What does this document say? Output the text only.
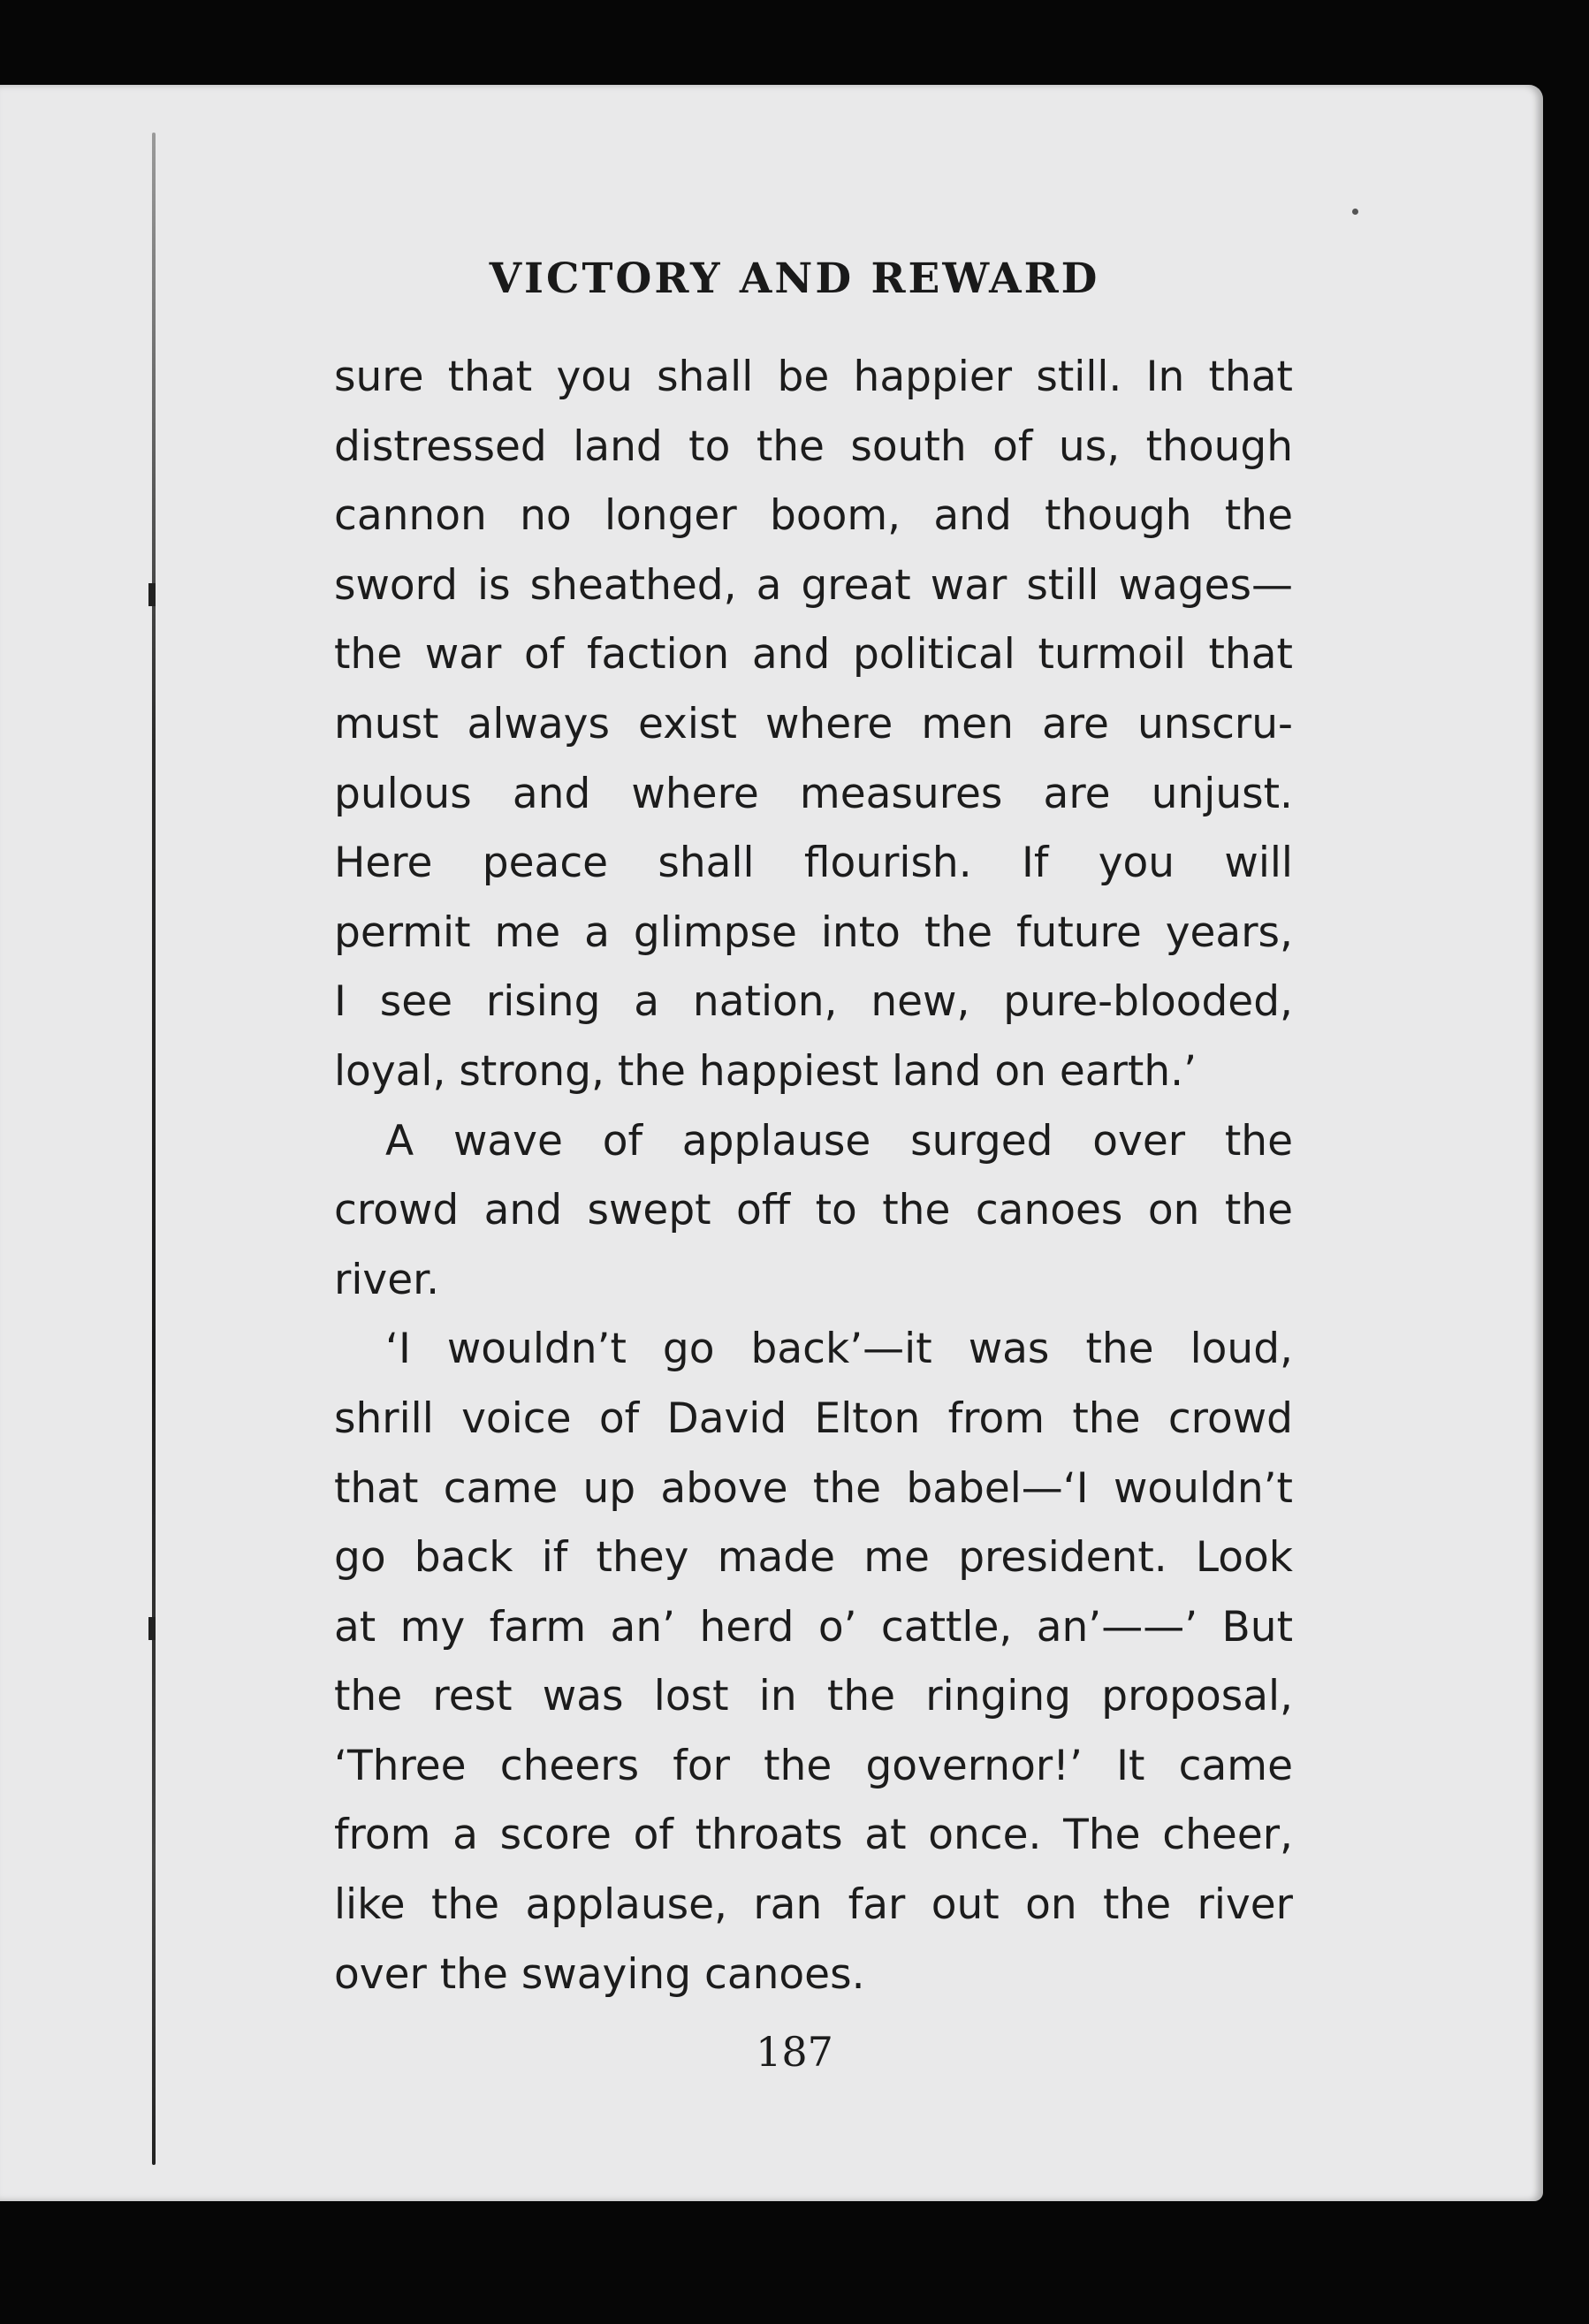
VICTORY AND REWARD
sure that you shall be happier still. In that
distressed land to the south of us, though
cannon no longer boom, and though the
sword is sheathed, a great war still wages—
the war of faction and political turmoil that
must always exist where men are unscru-
pulous and where measures are unjust.
Here peace shall flourish. If you will
permit me a glimpse into the future years,
I see rising a nation, new, pure-blooded,
loyal, strong, the happiest land on earth.’
A wave of applause surged over the
crowd and swept off to the canoes on the
river.
‘I wouldn’t go back’—it was the loud,
shrill voice of David Elton from the crowd
that came up above the babel—‘I wouldn’t
go back if they made me president. Look
at my farm an’ herd o’ cattle, an’——’ But
the rest was lost in the ringing proposal,
‘Three cheers for the governor!’ It came
from a score of throats at once. The cheer,
like the applause, ran far out on the river
over the swaying canoes.
187
